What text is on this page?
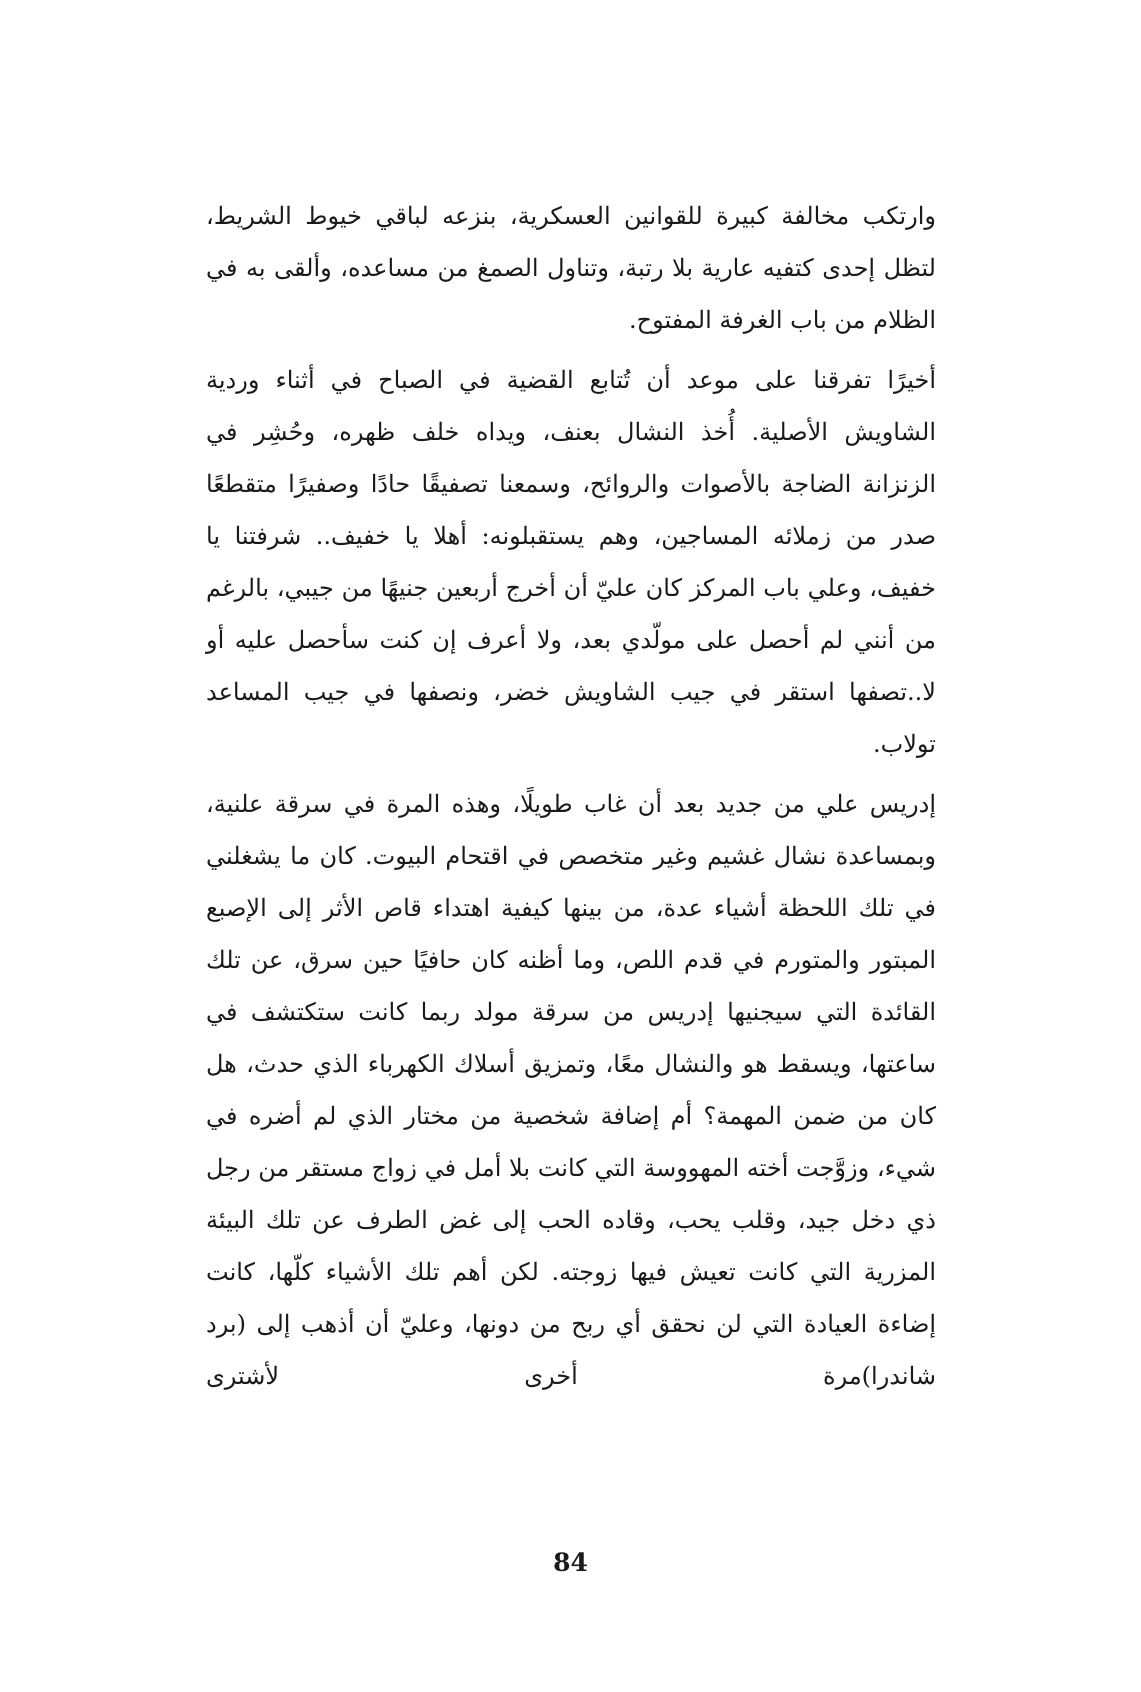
وارتكب مخالفة كبيرة للقوانين العسكرية، بنزعه لباقي خيوط الشريط، لتظل إحدى كتفيه عارية بلا رتبة، وتناول الصمغ من مساعده، وألقى به في الظلام من باب الغرفة المفتوح.

أخيرًا تفرقنا على موعد أن تُتابع القضية في الصباح في أثناء وردية الشاويش الأصلية. أُخذ النشال بعنف، ويداه خلف ظهره، وحُشِر في الزنزانة الضاجة بالأصوات والروائح، وسمعنا تصفيقًا حادًا وصفيرًا متقطعًا صدر من زملائه المساجين، وهم يستقبلونه: أهلا يا خفيف.. شرفتنا يا خفيف، وعلي باب المركز كان عليّ أن أخرج أربعين جنيهًا من جيبي، بالرغم من أنني لم أحصل على مولّدي بعد، ولا أعرف إن كنت سأحصل عليه أو لا..تصفها استقر في جيب الشاويش خضر، ونصفها في جيب المساعد تولاب.

إدريس علي من جديد بعد أن غاب طويلًا، وهذه المرة في سرقة علنية، وبمساعدة نشال غشيم وغير متخصص في اقتحام البيوت. كان ما يشغلني في تلك اللحظة أشياء عدة، من بينها كيفية اهتداء قاص الأثر إلى الإصبع المبتور والمتورم في قدم اللص، وما أظنه كان حافيًا حين سرق، عن تلك القائدة التي سيجنيها إدريس من سرقة مولد ربما كانت ستكتشف في ساعتها، ويسقط هو والنشال معًا، وتمزيق أسلاك الكهرباء الذي حدث، هل كان من ضمن المهمة؟ أم إضافة شخصية من مختار الذي لم أضره في شيء، وزوَّجت أخته المهووسة التي كانت بلا أمل في زواج مستقر من رجل ذي دخل جيد، وقلب يحب، وقاده الحب إلى غض الطرف عن تلك البيئة المزرية التي كانت تعيش فيها زوجته. لكن أهم تلك الأشياء كلّها، كانت إضاءة العيادة التي لن نحقق أي ربح من دونها، وعليّ أن أذهب إلى (برد شاندرا)مرة أخرى لأشترى

84
